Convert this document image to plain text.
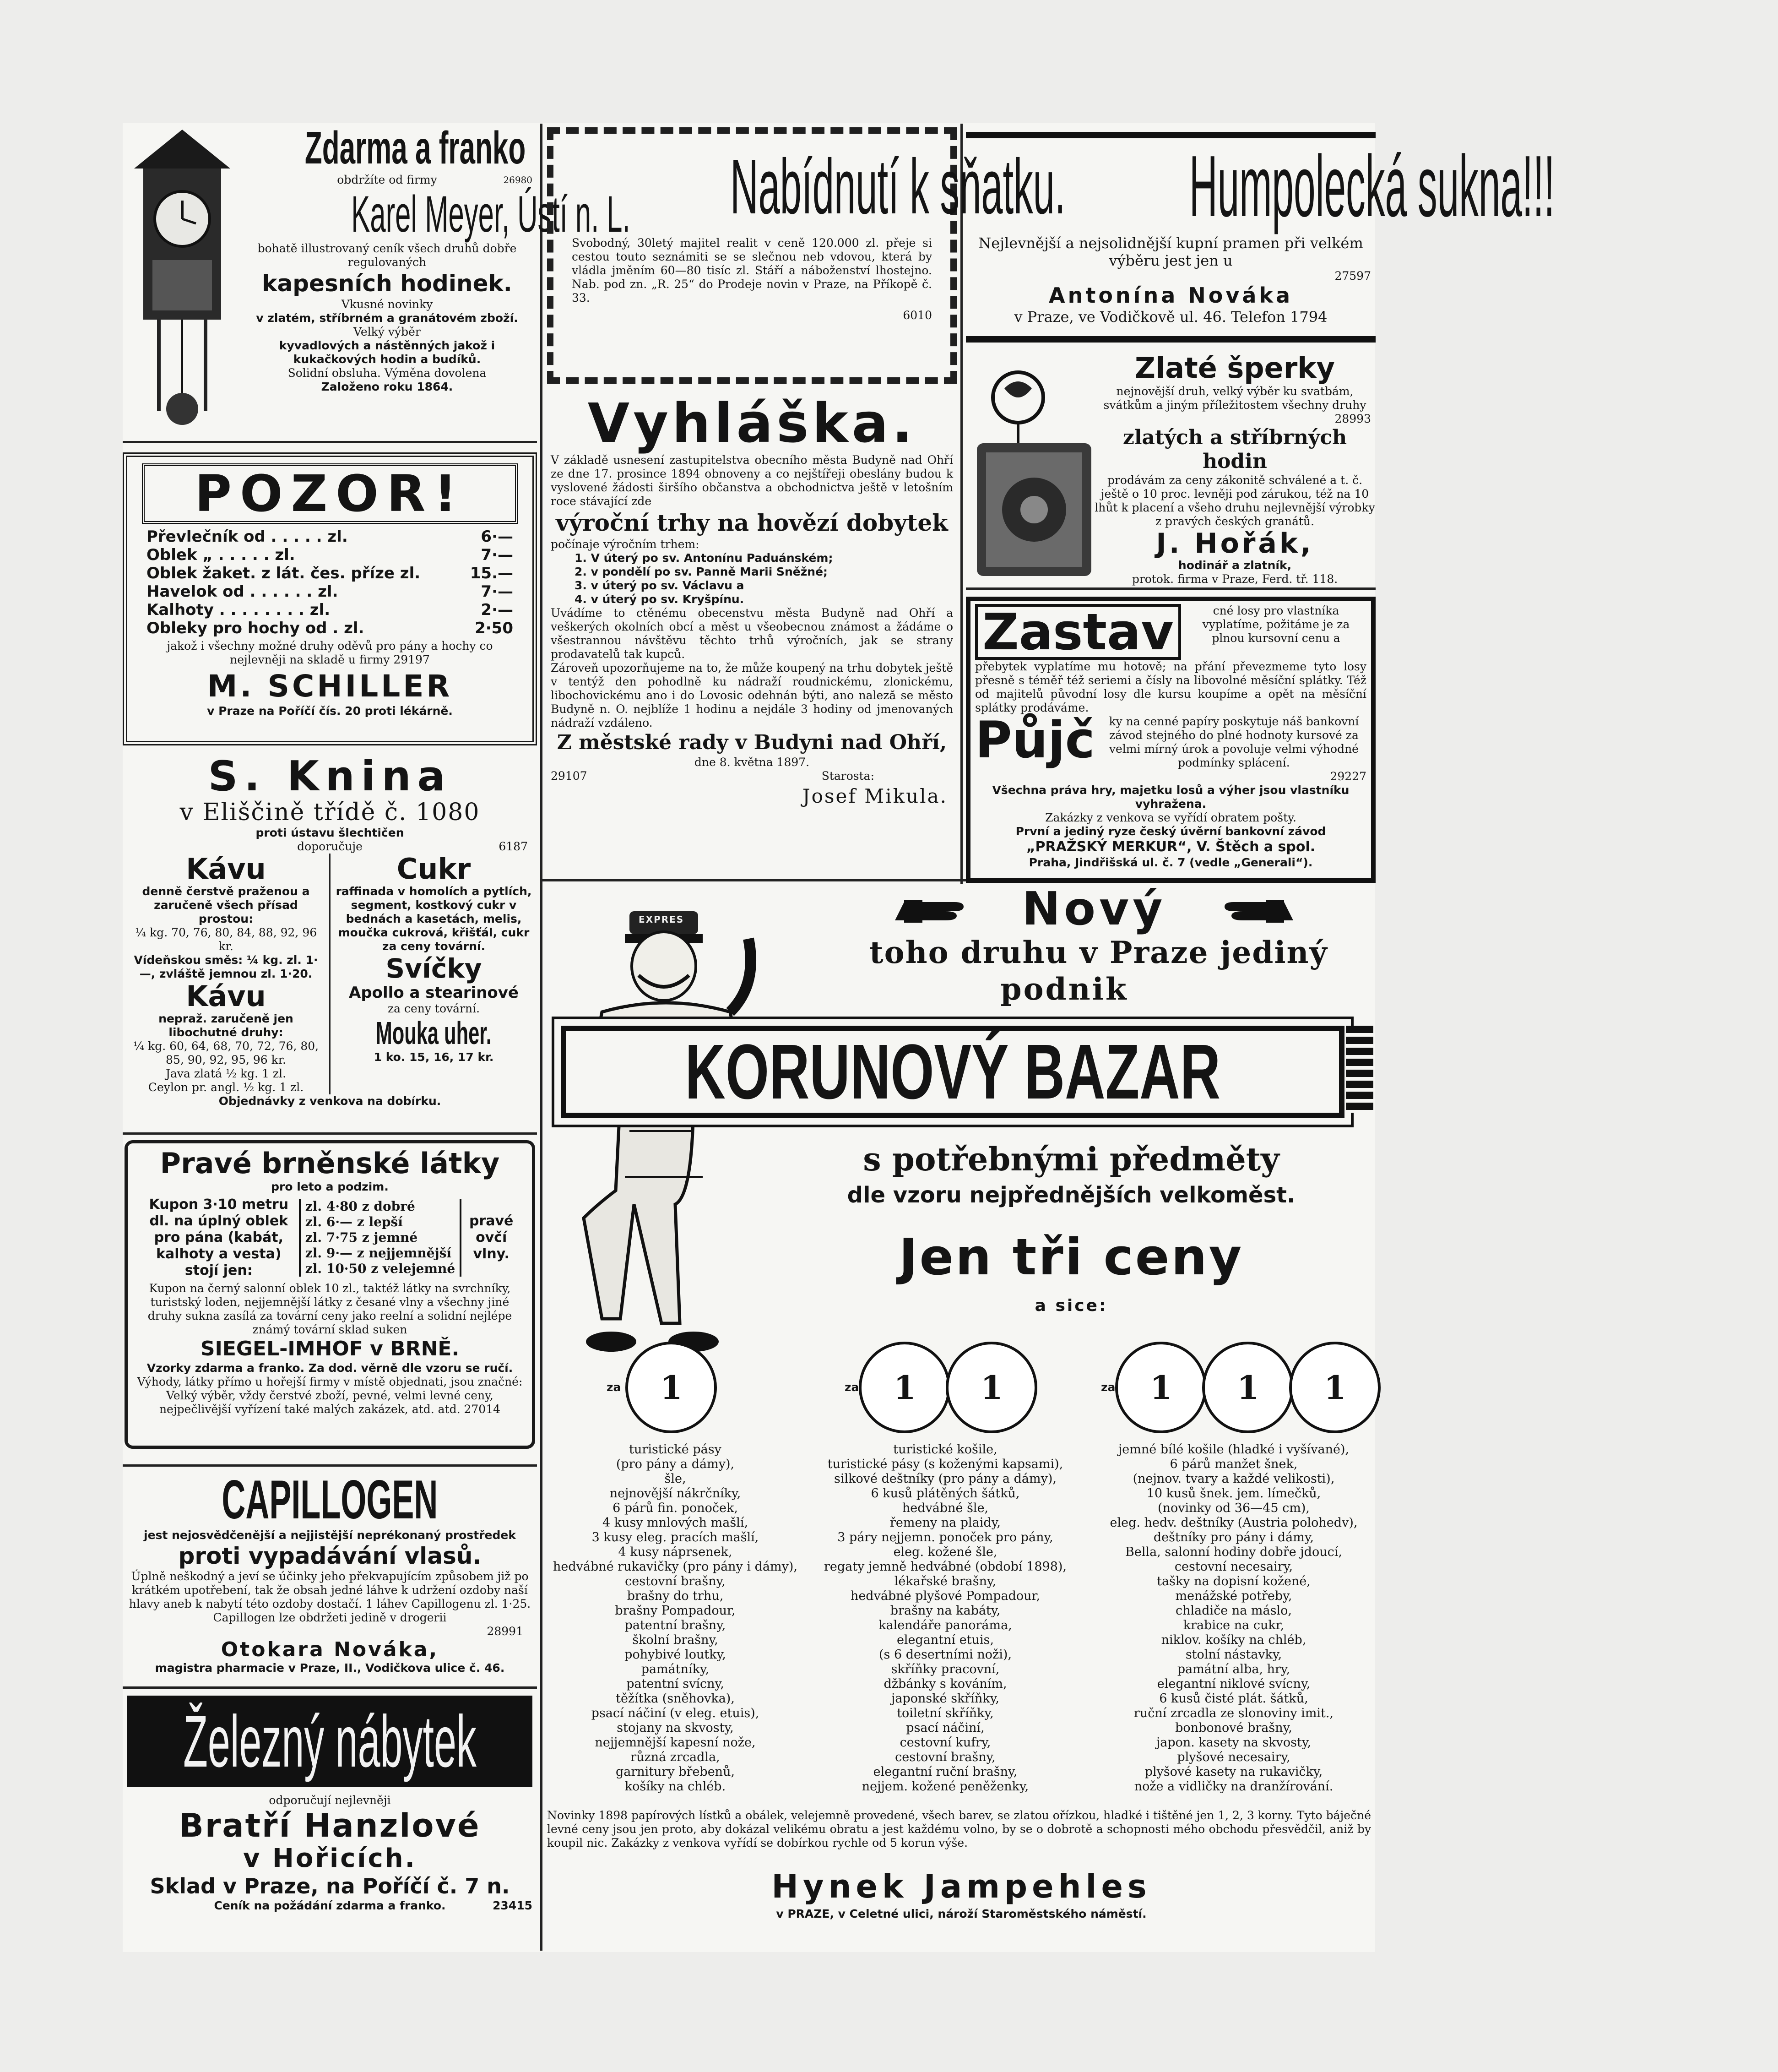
Zdarma a franko
obdržíte od firmy	26980
Karel Meyer, Ústí n. L.
bohatě illustrovaný ceník všech druhů dobře regulovaných
kapesních hodinek.
Vkusné novinky
v zlatém, stříbrném a granátovém zboží.
Velký výběr
kyvadlových a nástěnných jakož i kukačkových hodin a budíků.
Solidní obsluha. Výměna dovolena
Založeno roku 1864.
POZOR!
Převlečník od . . . . . zl.	6·—
Oblek „ . . . . . zl.	7·—
Oblek žaket. z lát. čes. příze zl.	15.—
Havelok od . . . . . . zl.	7·—
Kalhoty . . . . . . . . zl.	2·—
Obleky pro hochy od . zl.	2·50
jakož i všechny možné druhy oděvů pro pány a hochy co nejlevněji na skladě u firmy 29197
M. SCHILLER
v Praze na Poříčí čís. 20 proti lékárně.
S. Knina
v Eliščině třídě č. 1080
proti ústavu šlechtičen
doporučuje	6187
Kávu
denně čerstvě praženou a zaručeně všech přísad prostou:
¼ kg. 70, 76, 80, 84, 88, 92, 96 kr.
Vídeňskou směs: ¼ kg. zl. 1·—, zvláště jemnou zl. 1·20.
Kávu
nepraž. zaručeně jen libochutné druhy:
¼ kg. 60, 64, 68, 70, 72, 76, 80, 85, 90, 92, 95, 96 kr.
Java zlatá ½ kg. 1 zl.
Ceylon pr. angl. ½ kg. 1 zl.
Cukr
raffinada v homolích a pytlích, segment, kostkový cukr v bednách a kasetách, melis, moučka cukrová, křišťál, cukr za ceny tovární.
Svíčky
Apollo a stearinové
za ceny tovární.
Mouka uher.
1 ko. 15, 16, 17 kr.
Objednávky z venkova na dobírku.
Pravé brněnské látky
pro leto a podzim.
Kupon 3·10 metru dl. na úplný oblek pro pána (kabát, kalhoty a vesta) stojí jen:
zl. 4·80 z dobré
zl. 6·— z lepší
zl. 7·75 z jemné
zl. 9·— z nejjemnější
zl. 10·50 z velejemné
pravé ovčí vlny.
Kupon na černý salonní oblek 10 zl., taktéž látky na svrchníky, turistský loden, nejjemnější látky z česané vlny a všechny jiné druhy sukna zasílá za tovární ceny jako reelní a solidní nejlépe známý tovární sklad suken
SIEGEL-IMHOF v BRNĚ.
Vzorky zdarma a franko. Za dod. věrně dle vzoru se ručí.
Výhody, látky přímo u hořejší firmy v místě objednati, jsou značné: Velký výběr, vždy čerstvé zboží, pevné, velmi levné ceny, nejpečlivější vyřízení také malých zakázek, atd. atd. 27014
CAPILLOGEN
jest nejosvědčenější a nejjistější neprékonaný prostředek
proti vypadávání vlasů.
Úplně neškodný a jeví se účinky jeho překvapujícím způsobem již po krátkém upotřebení, tak že obsah jedné láhve k udržení ozdoby naší hlavy aneb k nabytí této ozdoby dostačí. 1 láhev Capillogenu zl. 1·25. Capillogen lze obdržeti jedině v drogerii
28991
Otokara Nováka,
magistra pharmacie v Praze, II., Vodičkova ulice č. 46.
Železný nábytek
odporučují nejlevněji
Bratří Hanzlové
v Hořicích.
Sklad v Praze, na Poříčí č. 7 n.
Ceník na požádání zdarma a franko.	23415
Nabídnutí k sňatku.
Svobodný, 30letý majitel realit v ceně 120.000 zl. přeje si cestou touto seznámiti se se slečnou neb vdovou, která by vládla jměním 60—80 tisíc zl. Stáří a náboženství lhostejno. Nab. pod zn. „R. 25“ do Prodeje novin v Praze, na Příkopě č. 33.
6010
Vyhláška.
V základě usnesení zastupitelstva obecního města Budyně nad Ohří ze dne 17. prosince 1894 obnoveny a co nejštířeji obeslány budou k vyslovené žádosti širšího občanstva a obchodnictva ještě v letošním roce stávající zde
výroční trhy na hovězí dobytek
počínaje výročním trhem:
1. V úterý po sv. Antonínu Paduánském;
2. v pondělí po sv. Panně Marii Sněžné;
3. v úterý po sv. Václavu a
4. v úterý po sv. Kryšpínu.
Uvádíme to ctěnému obecenstvu města Budyně nad Ohří a veškerých okolních obcí a měst u všeobecnou známost a žádáme o všestrannou návštěvu těchto trhů výročních, jak se strany prodavatelů tak kupců.
Zároveň upozorňujeme na to, že může koupený na trhu dobytek ještě v tentýž den pohodlně ku nádraží roudnickému, zlonickému, libochovickému ano i do Lovosic odehnán býti, ano naleză se město Budyně n. O. nejblíže 1 hodinu a nejdále 3 hodiny od jmenovaných nádraží vzdáleno.
Z městské rady v Budyni nad Ohří,
dne 8. května 1897.
29107	Starosta:
Josef Mikula.
Humpolecká sukna!!!
Nejlevnější a nejsolidnější kupní pramen při velkém výběru jest jen u
27597
Antonína Nováka
v Praze, ve Vodičkově ul. 46. Telefon 1794
Zlaté šperky
nejnovější druh, velký výběr ku svatbám, svátkům a jiným příležitostem všechny druhy
28993
zlatých a stříbrných hodin
prodávám za ceny zákonitě schválené a t. č. ještě o 10 proc. levněji pod zárukou, též na 10 lhůt k placení a všeho druhu nejlevnější výrobky z pravých českých granátů.
J. Hořák,
hodinář a zlatník,
protok. firma v Praze, Ferd. tř. 118.
Zastav	cné losy pro vlastníka vyplatíme, požitáme je za plnou kursovní cenu a
přebytek vyplatíme mu hotově; na přání převezmeme tyto losy přesně s téměř též seriemi a čísly na libovolné měsíční splátky. Též od majitelů původní losy dle kursu koupíme a opět na měsíční splátky prodáváme.
Půjč	ky na cenné papíry poskytuje náš bankovní závod stejného do plné hodnoty kursové za velmi mírný úrok a povoluje velmi výhodné podmínky splácení.
29227
Všechna práva hry, majetku losů a výher jsou vlastníku vyhražena.
Zakázky z venkova se vyřídí obratem pošty.
První a jediný ryze český úvěrní bankovní závod
„PRAŽSKÝ MERKUR“, V. Štěch a spol.
Praha, Jindřišská ul. č. 7 (vedle „Generali“).
Nový
toho druhu v Praze jediný
podnik
EXPRES
KORUNOVÝ BAZAR
s potřebnými předměty
dle vzoru nejpřednějších velkoměst.
Jen tři ceny
a sice:
za	1	za	1	1	za	1	1	1
turistické pásy
(pro pány a dámy),
šle,
nejnovější nákrčníky,
6 párů fin. ponoček,
4 kusy mnlových mašlí,
3 kusy eleg. pracích mašlí,
4 kusy náprsenek,
hedvábné rukavičky (pro pány i dámy),
cestovní brašny,
brašny do trhu,
brašny Pompadour,
patentní brašny,
školní brašny,
pohybivé loutky,
památníky,
patentní svícny,
těžítka (sněhovka),
psací náčiní (v eleg. etuis),
stojany na skvosty,
nejjemnější kapesní nože,
různá zrcadla,
garnitury břebenů,
košíky na chléb.
turistické košile,
turistické pásy (s koženými kapsami),
silkové deštníky (pro pány a dámy),
6 kusů plátěných šátků,
hedvábné šle,
řemeny na plaidy,
3 páry nejjemn. ponoček pro pány,
eleg. kožené šle,
regaty jemně hedvábné (období 1898),
lékařské brašny,
hedvábné plyšové Pompadour,
brašny na kabáty,
kalendáře panoráma,
elegantní etuis,
(s 6 desertními noži),
skříňky pracovní,
džbánky s kováním,
japonské skříňky,
toiletní skříňky,
psací náčiní,
cestovní kufry,
cestovní brašny,
elegantní ruční brašny,
nejjem. kožené peněženky,
jemné bílé košile (hladké i vyšívané),
6 párů manžet šnek,
(nejnov. tvary a každé velikosti),
10 kusů šnek. jem. límečků,
(novinky od 36—45 cm),
eleg. hedv. deštníky (Austria polohedv),
deštníky pro pány i dámy,
Bella, salonní hodiny dobře jdoucí,
cestovní necesairy,
tašky na dopisní kožené,
menážské potřeby,
chladiče na máslo,
krabice na cukr,
niklov. košíky na chléb,
stolní nástavky,
památní alba, hry,
elegantní niklové svícny,
6 kusů čisté plát. šátků,
ruční zrcadla ze slonoviny imit.,
bonbonové brašny,
japon. kasety na skvosty,
plyšové necesairy,
plyšové kasety na rukavičky,
nože a vidličky na dranžírování.
Novinky 1898 papírových lístků a obálek, velejemně provedené, všech barev, se zlatou ořízkou, hladké i tištěné jen 1, 2, 3 korny. Tyto báječné levné ceny jsou jen proto, aby dokázal velikému obratu a jest každému volno, by se o dobrotě a schopnosti mého obchodu přesvědčil, aniž by koupil nic. Zakázky z venkova vyřídí se dobírkou rychle od 5 korun výše.
Hynek Jampehles
v PRAZE, v Celetné ulici, nároží Staroměstského náměstí.
